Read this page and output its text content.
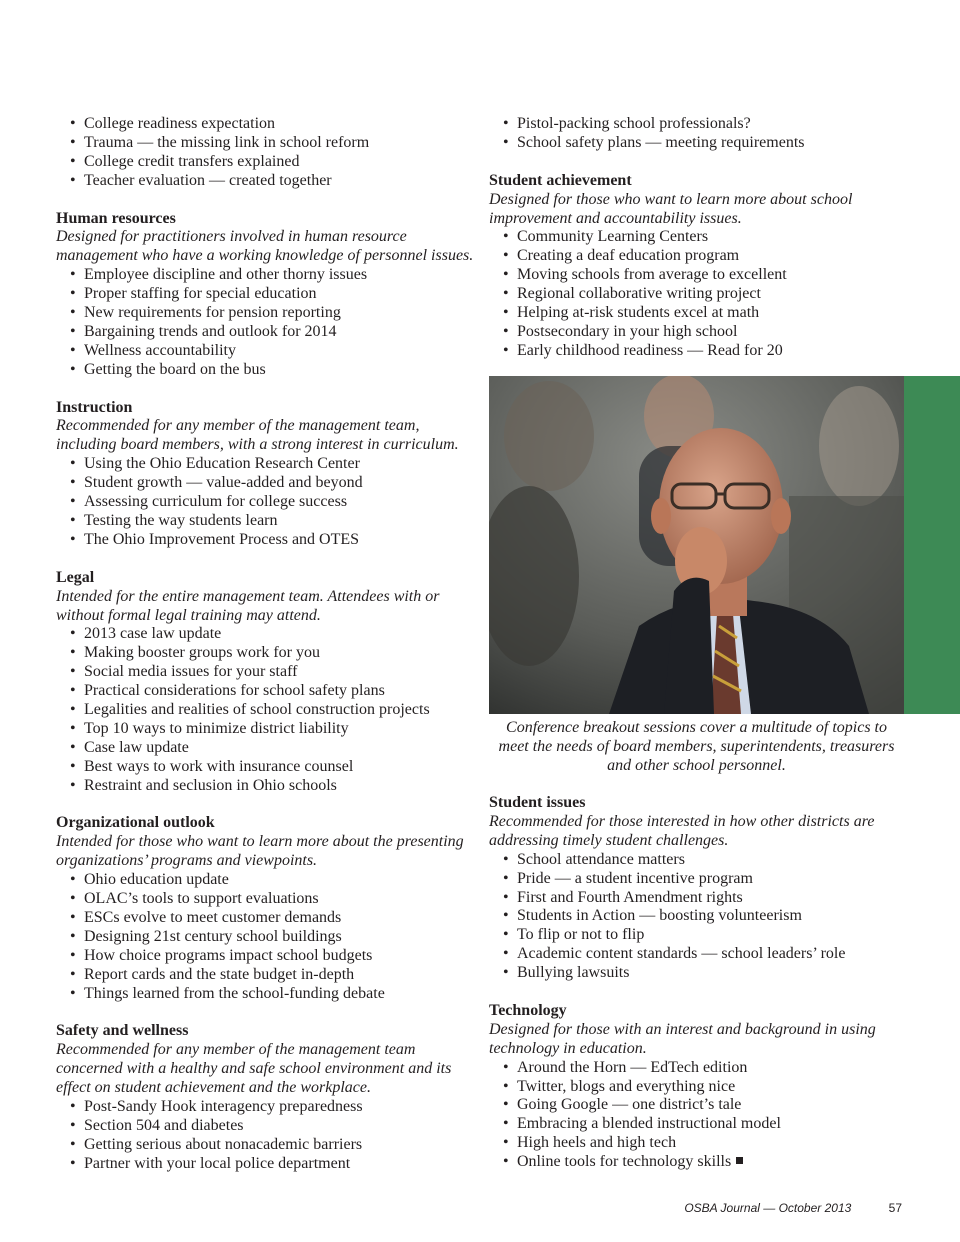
• College readiness expectation
• Trauma — the missing link in school reform
• College credit transfers explained
• Teacher evaluation — created together

Human resources

Designed for practitioners involved in human resource management who have a working knowledge of personnel issues.

• Employee discipline and other thorny issues
• Proper staffing for special education
• New requirements for pension reporting
• Bargaining trends and outlook for 2014
• Wellness accountability
• Getting the board on the bus

Instruction

Recommended for any member of the management team, including board members, with a strong interest in curriculum.

• Using the Ohio Education Research Center
• Student growth — value-added and beyond
• Assessing curriculum for college success
• Testing the way students learn
• The Ohio Improvement Process and OTES

Legal

Intended for the entire management team. Attendees with or without formal legal training may attend.

• 2013 case law update
• Making booster groups work for you
• Social media issues for your staff
• Practical considerations for school safety plans
• Legalities and realities of school construction projects
• Top 10 ways to minimize district liability
• Case law update
• Best ways to work with insurance counsel
• Restraint and seclusion in Ohio schools

Organizational outlook

Intended for those who want to learn more about the presenting organizations’ programs and viewpoints.

• Ohio education update
• OLAC’s tools to support evaluations
• ESCs evolve to meet customer demands
• Designing 21st century school buildings
• How choice programs impact school budgets
• Report cards and the state budget in-depth
• Things learned from the school-funding debate

Safety and wellness

Recommended for any member of the management team concerned with a healthy and safe school environment and its effect on student achievement and the workplace.

• Post-Sandy Hook interagency preparedness
• Section 504 and diabetes
• Getting serious about nonacademic barriers
• Partner with your local police department
• Pistol-packing school professionals?
• School safety plans — meeting requirements

Student achievement

Designed for those who want to learn more about school improvement and accountability issues.

• Community Learning Centers
• Creating a deaf education program
• Moving schools from average to excellent
• Regional collaborative writing project
• Helping at-risk students excel at math
• Postsecondary in your high school
• Early childhood readiness — Read for 20
Conference breakout sessions cover a multitude of topics to meet the needs of board members, superintendents, treasurers and other school personnel.

Student issues

Recommended for those interested in how other districts are addressing timely student challenges.

• School attendance matters
• Pride — a student incentive program
• First and Fourth Amendment rights
• Students in Action — boosting volunteerism
• To flip or not to flip
• Academic content standards — school leaders’ role
• Bullying lawsuits

Technology

Designed for those with an interest and background in using technology in education.

• Around the Horn — EdTech edition
• Twitter, blogs and everything nice
• Going Google — one district’s tale
• Embracing a blended instructional model
• High heels and high tech
• Online tools for technology skills
OSBA Journal — October 2013	57
